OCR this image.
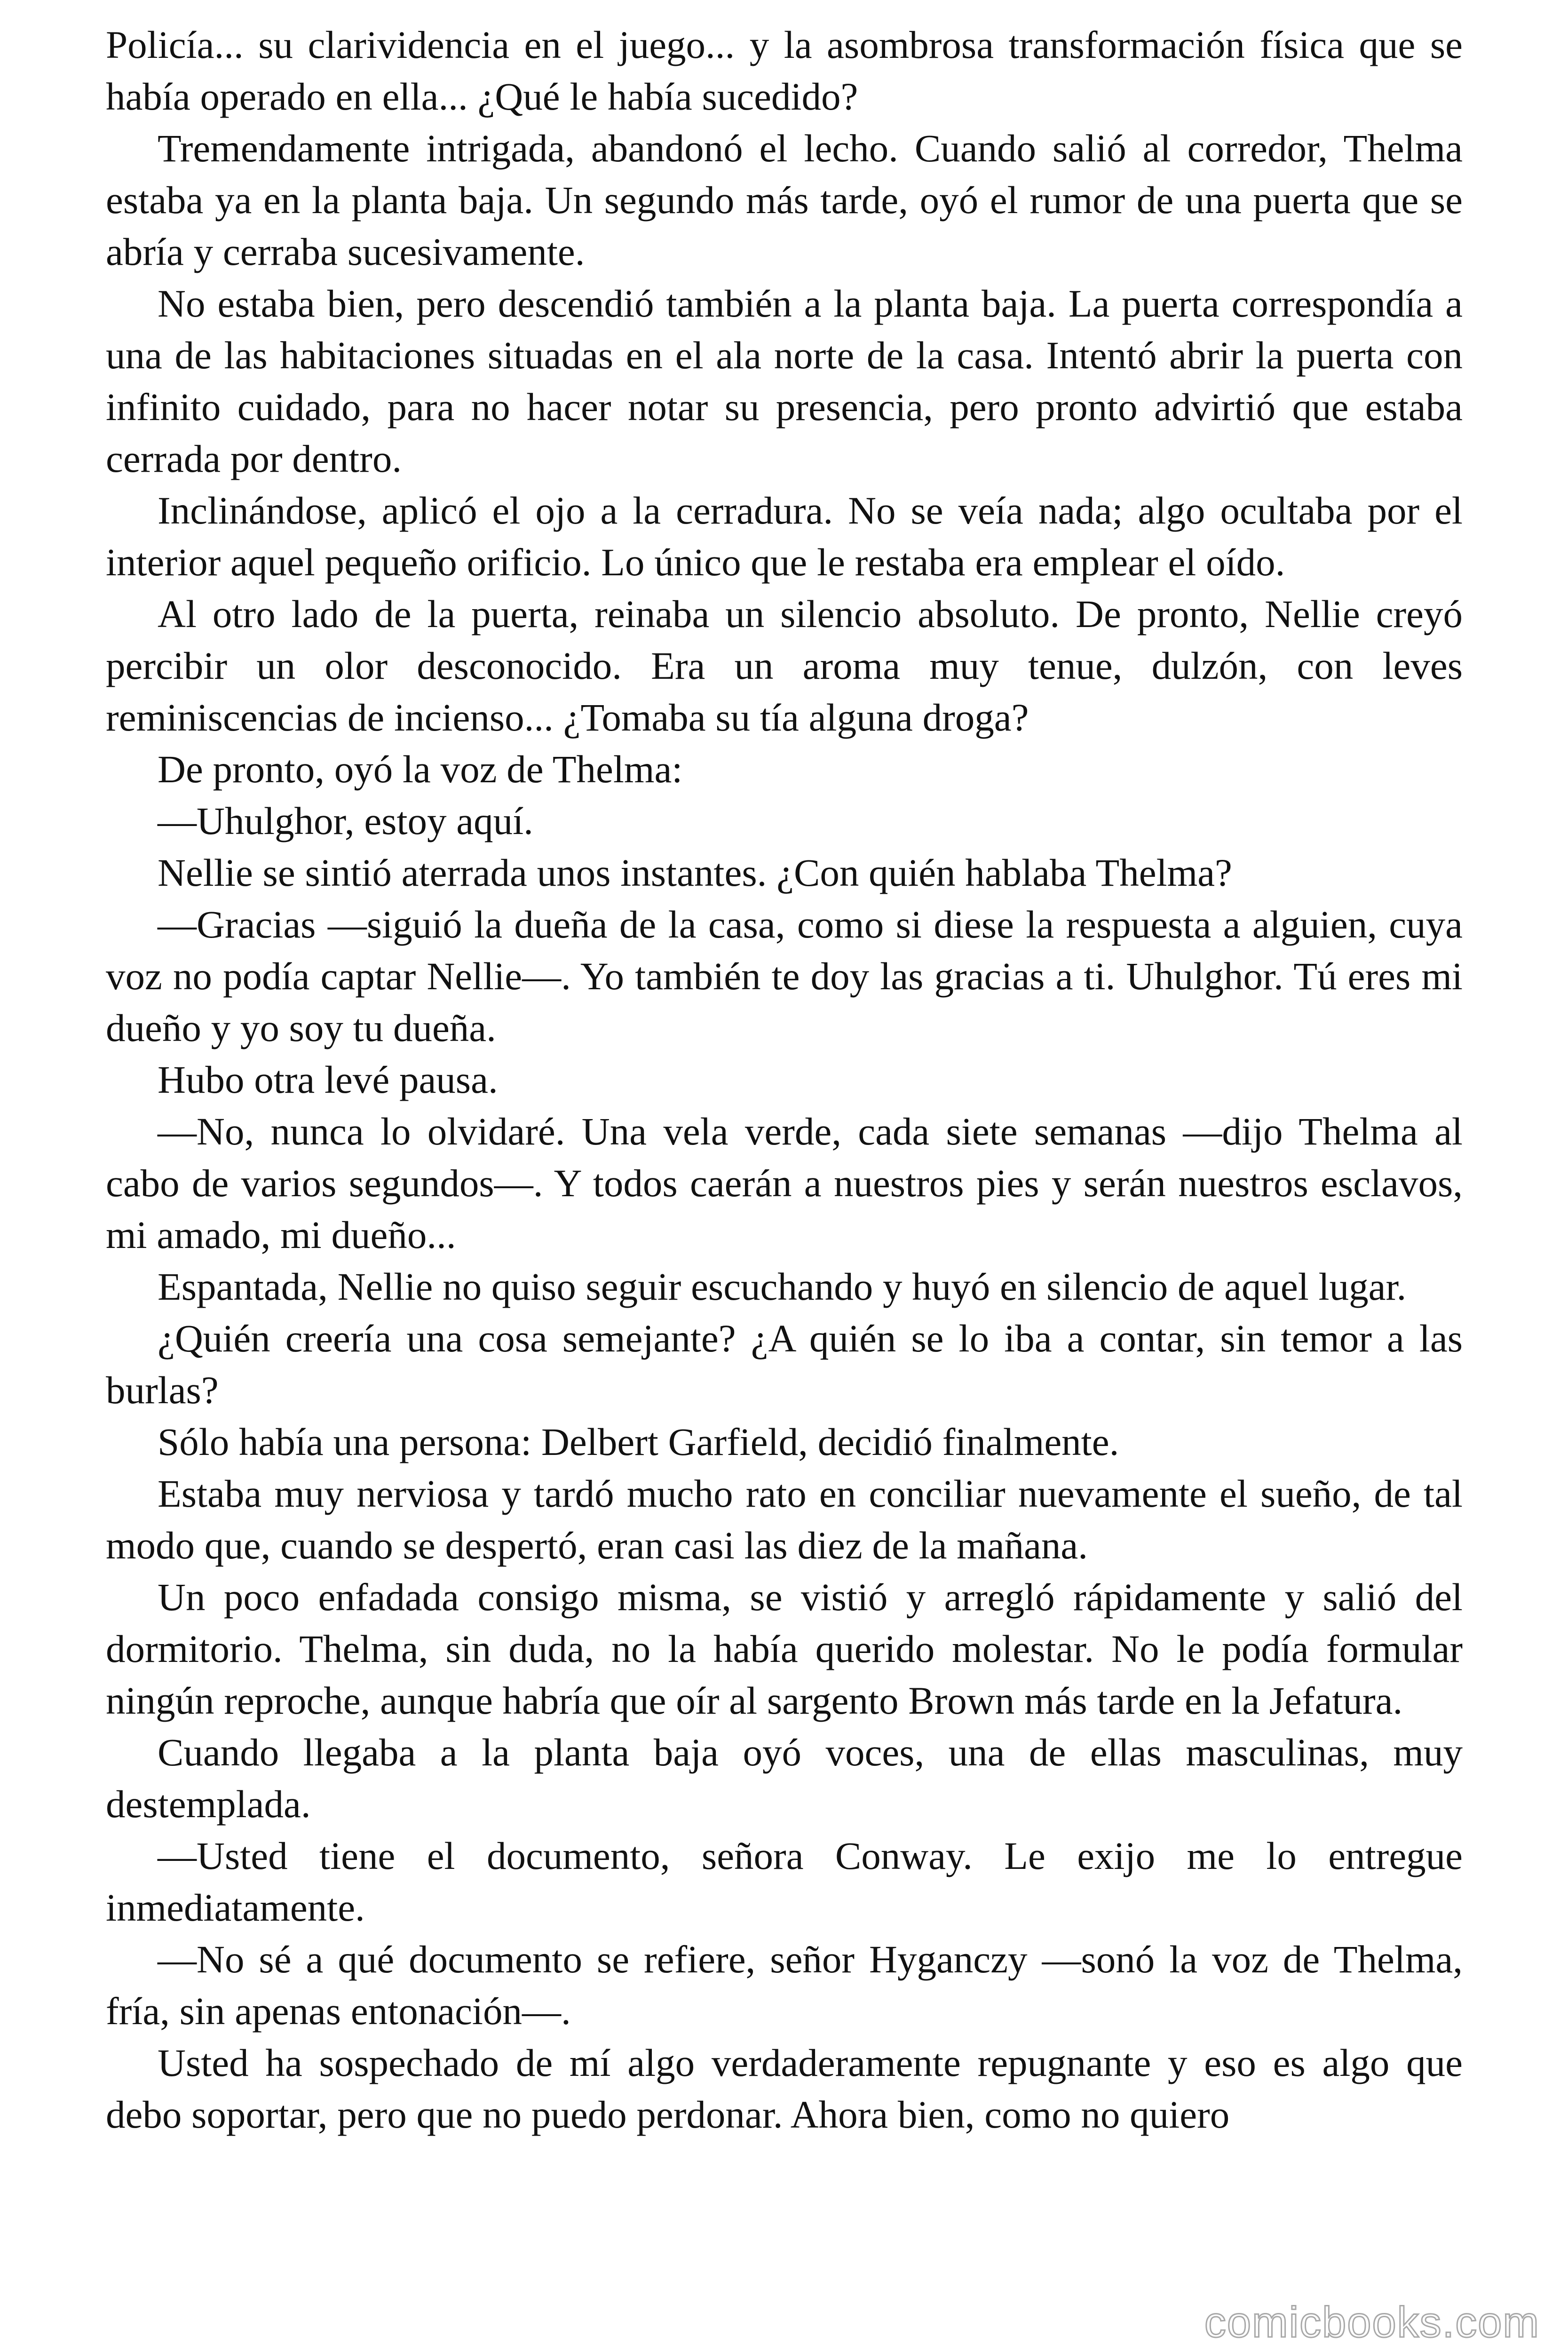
Policía... su clarividencia en el juego... y la asombrosa transformación física que se había operado en ella... ¿Qué le había sucedido?

Tremendamente intrigada, abandonó el lecho. Cuando salió al corredor, Thelma estaba ya en la planta baja. Un segundo más tarde, oyó el rumor de una puerta que se abría y cerraba sucesivamente.

No estaba bien, pero descendió también a la planta baja. La puerta correspondía a una de las habitaciones situadas en el ala norte de la casa. Intentó abrir la puerta con infinito cuidado, para no hacer notar su presencia, pero pronto advirtió que estaba cerrada por dentro.

Inclinándose, aplicó el ojo a la cerradura. No se veía nada; algo ocultaba por el interior aquel pequeño orificio. Lo único que le restaba era emplear el oído.

Al otro lado de la puerta, reinaba un silencio absoluto. De pronto, Nellie creyó percibir un olor desconocido. Era un aroma muy tenue, dulzón, con leves reminiscencias de incienso... ¿Tomaba su tía alguna droga?

De pronto, oyó la voz de Thelma:

—Uhulghor, estoy aquí.

Nellie se sintió aterrada unos instantes. ¿Con quién hablaba Thelma?

—Gracias —siguió la dueña de la casa, como si diese la respuesta a alguien, cuya voz no podía captar Nellie—. Yo también te doy las gracias a ti. Uhulghor. Tú eres mi dueño y yo soy tu dueña.

Hubo otra levé pausa.

—No, nunca lo olvidaré. Una vela verde, cada siete semanas —dijo Thelma al cabo de varios segundos—. Y todos caerán a nuestros pies y serán nuestros esclavos, mi amado, mi dueño...

Espantada, Nellie no quiso seguir escuchando y huyó en silencio de aquel lugar.

¿Quién creería una cosa semejante? ¿A quién se lo iba a contar, sin temor a las burlas?

Sólo había una persona: Delbert Garfield, decidió finalmente.

Estaba muy nerviosa y tardó mucho rato en conciliar nuevamente el sueño, de tal modo que, cuando se despertó, eran casi las diez de la mañana.

Un poco enfadada consigo misma, se vistió y arregló rápidamente y salió del dormitorio. Thelma, sin duda, no la había querido molestar. No le podía formular ningún reproche, aunque habría que oír al sargento Brown más tarde en la Jefatura.

Cuando llegaba a la planta baja oyó voces, una de ellas masculinas, muy destemplada.

—Usted tiene el documento, señora Conway. Le exijo me lo entregue inmediatamente.

—No sé a qué documento se refiere, señor Hyganczy —sonó la voz de Thelma, fría, sin apenas entonación—.

Usted ha sospechado de mí algo verdaderamente repugnante y eso es algo que debo soportar, pero que no puedo perdonar. Ahora bien, como no quiero

comicbooks.com
